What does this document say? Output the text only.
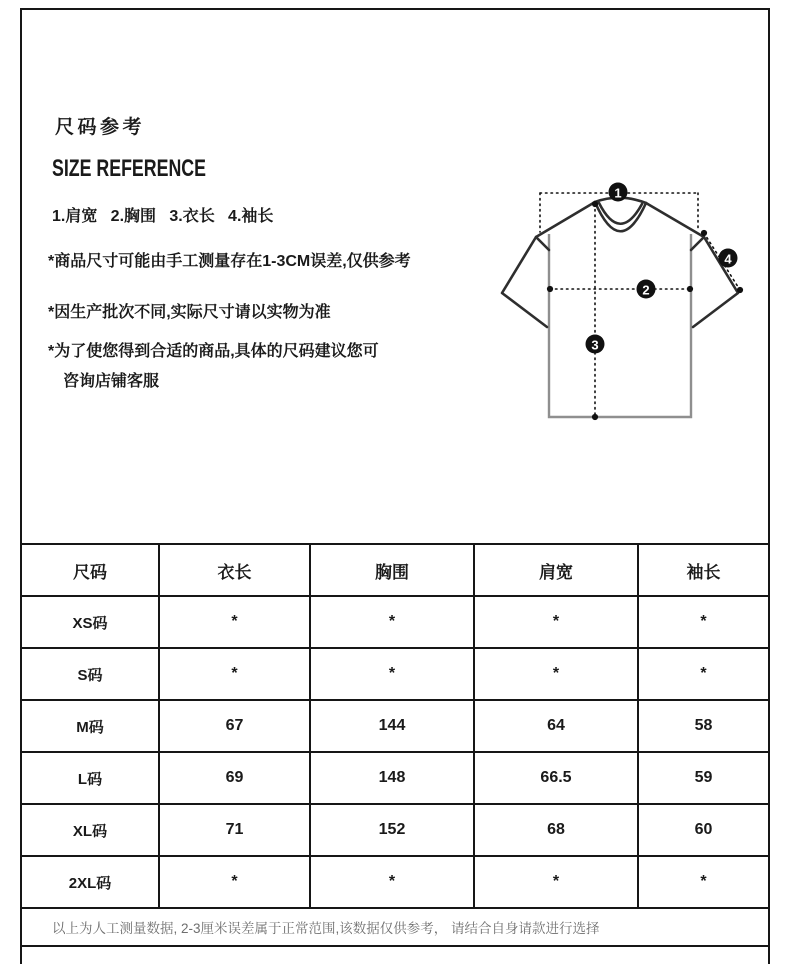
尺码参考
SIZE REFERENCE
1.肩宽   2.胸围   3.衣长   4.袖长
*商品尺寸可能由手工测量存在1-3CM误差,仅供参考
*因生产批次不同,实际尺寸请以实物为准
*为了使您得到合适的商品,具体的尺码建议您可
咨询店铺客服
1
2
3
4
尺码	衣长	胸围	肩宽	袖长
XS码	*	*	*	*
S码	*	*	*	*
M码	67	144	64	58
L码	69	148	66.5	59
XL码	71	152	68	60
2XL码	*	*	*	*
以上为人工测量数据, 2-3厘米误差属于正常范围,该数据仅供参考， 请结合自身请款进行选择				
